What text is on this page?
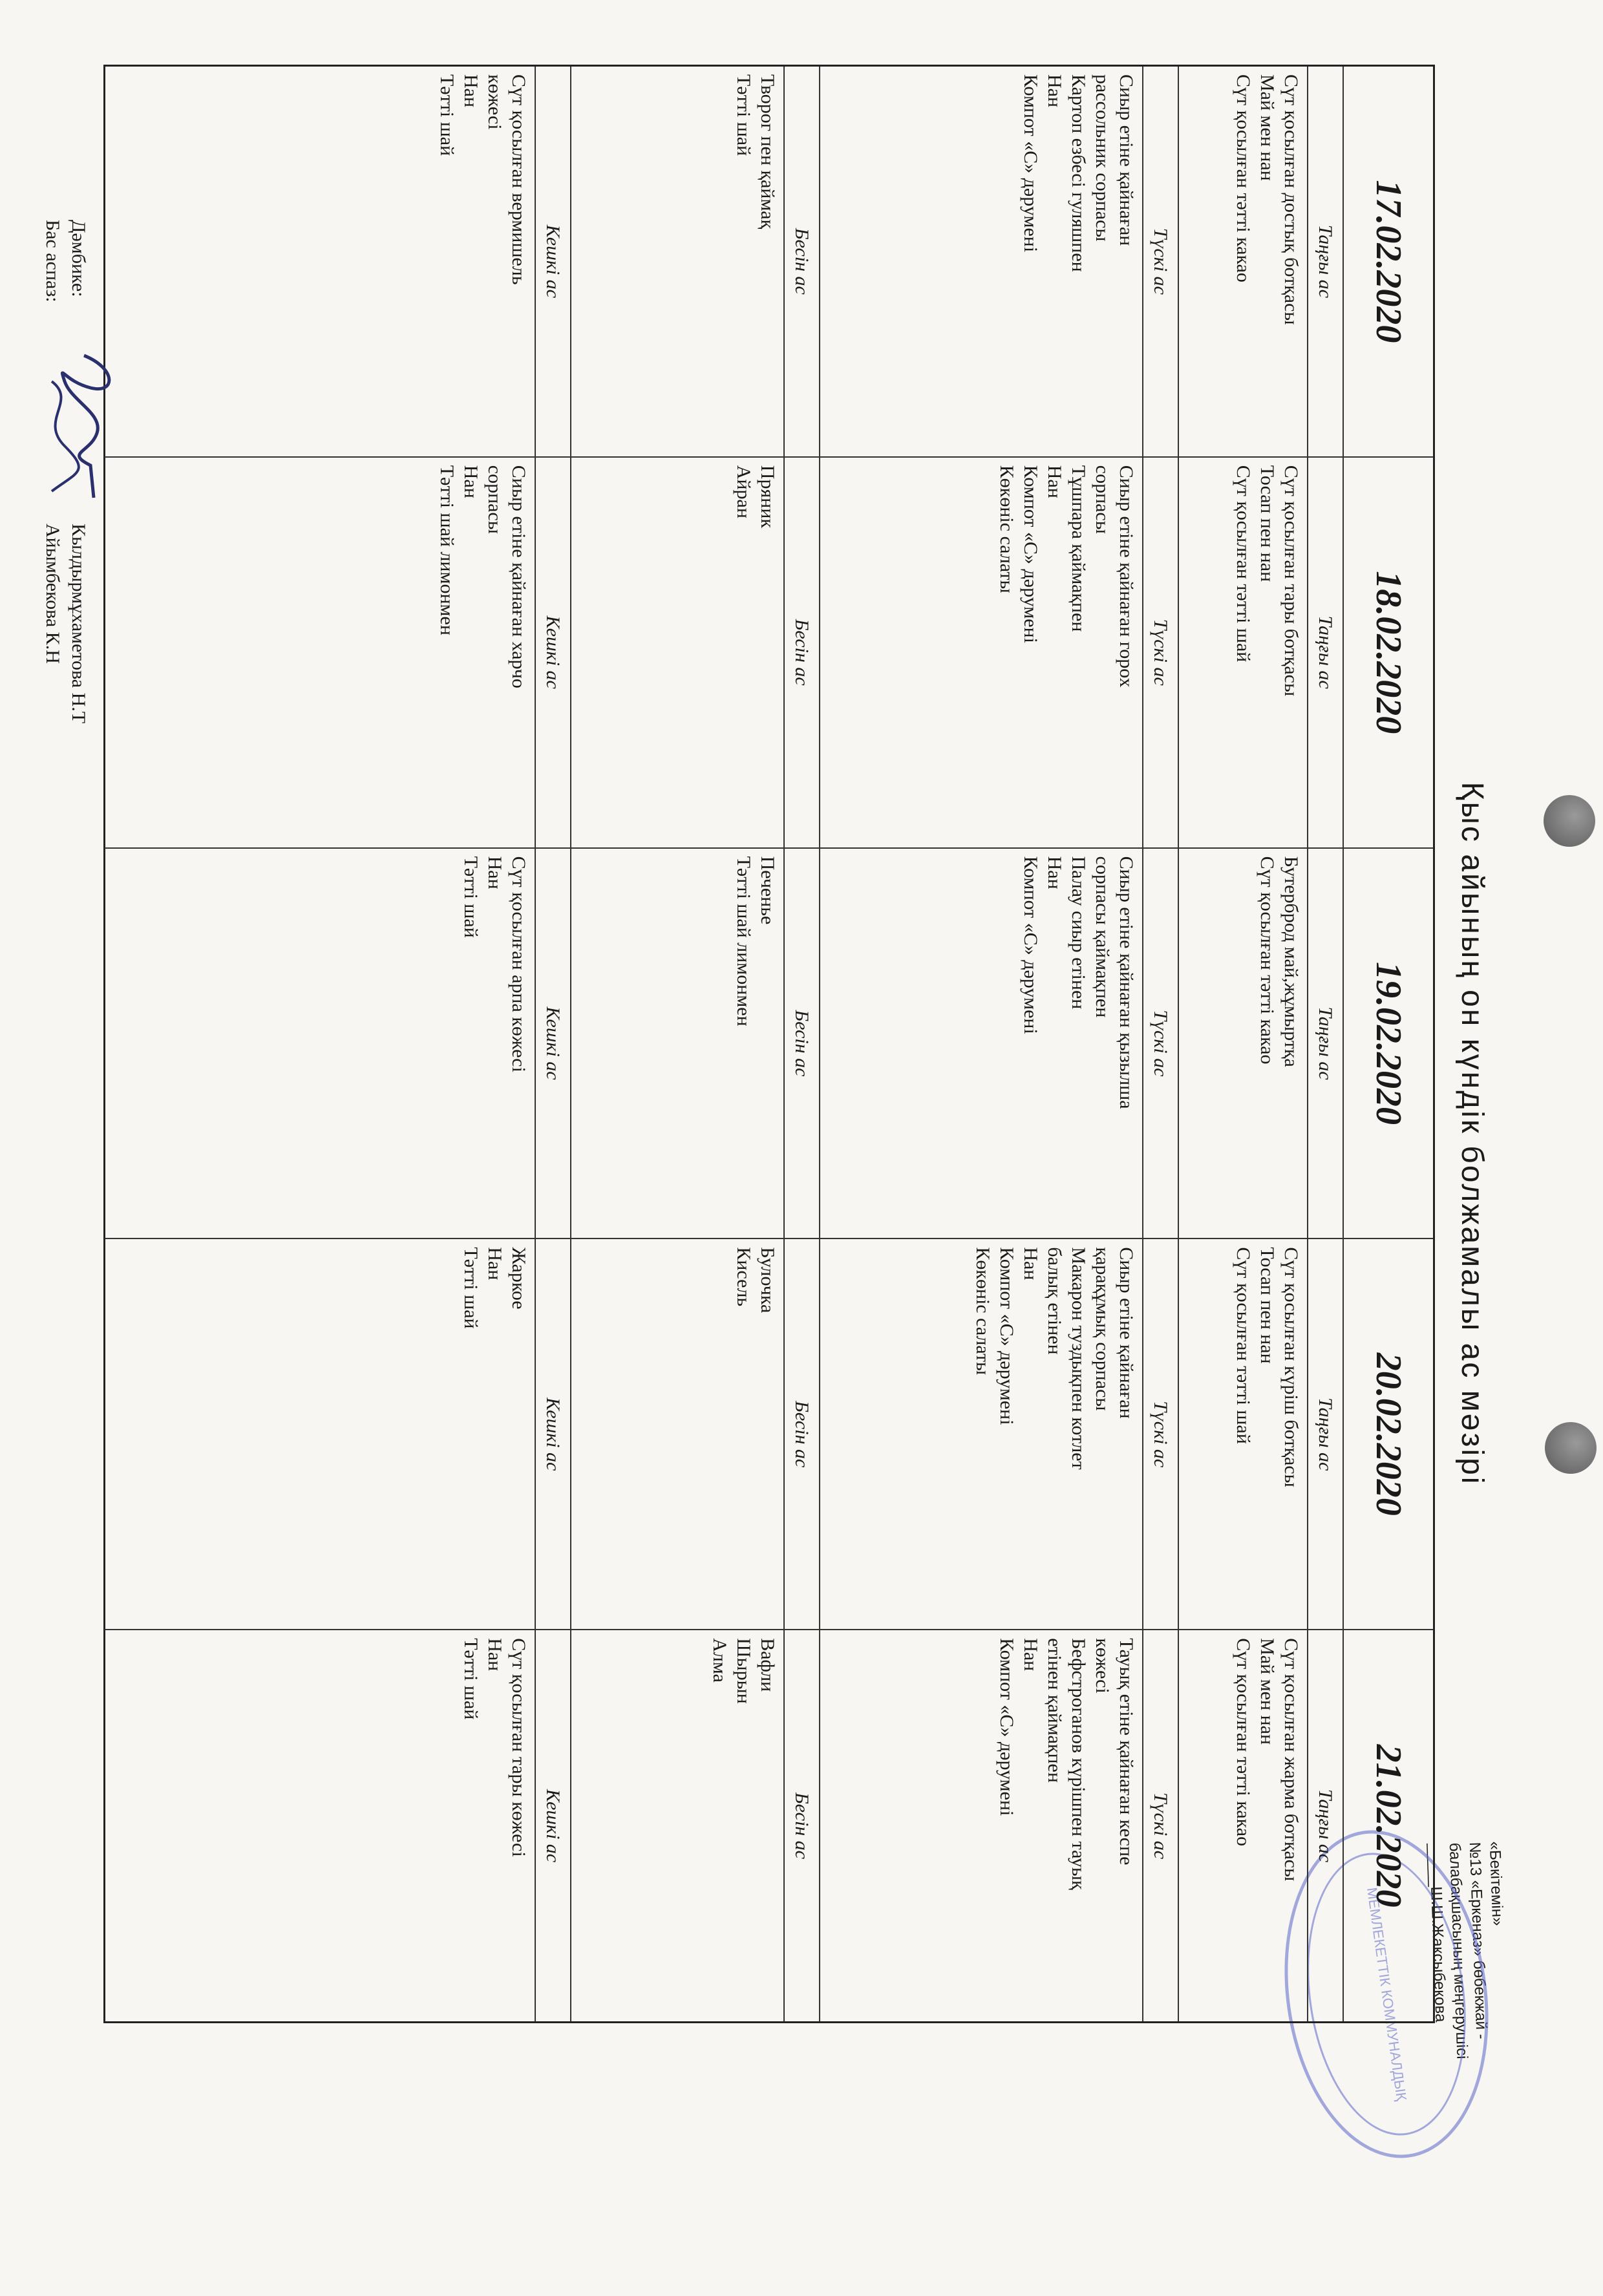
«Бекітемін»
№13 «Еркеназ» бөбекжай -
балабақшасының меңгерушісі
_____Ш.Ш.Жаксыбекова
Қыс айының он күндік болжамалы ас мәзірі
МЕМЛЕКЕТТІК КОММУНАЛДЫҚ
17.02.2020
18.02.2020
19.02.2020
20.02.2020
21.02.2020
Таңғы ас
Таңғы ас
Таңғы ас
Таңғы ас
Таңғы ас
Сүт қосылған достық ботқасы
Май мен нан
Сүт қосылған тәтті какао
Сүт қосылған тары ботқасы
Тосап пен нан
Сүт қосылған тәтті шай
Бутерброд май,жұмыртқа
Сүт қосылған тәтті какао
Сүт қосылған күріш ботқасы
Тосап пен нан
Сүт қосылған тәтті шай
Сүт қосылған жарма ботқасы
Май мен нан
Сүт қосылған тәтті какао
Түскі ас
Түскі ас
Түскі ас
Түскі ас
Түскі ас
Сиыр етіне қайнаған
рассольник сорпасы
Картоп езбесі гуляшпен
Нан
Компот «С» дәрумені
Сиыр етіне қайнаған горох
сорпасы
Тұшпара қаймақпен
Нан
Компот «С» дәрумені
Көкөніс салаты
Сиыр етіне қайнаған қызылша
сорпасы қаймақпен
Палау сиыр етінен
Нан
Компот «С» дәрумені
Сиыр етіне қайнаған
қарақұмық сорпасы
Макарон туздықпен котлет
балық етінен
Нан
Компот «С» дәрумені
Көкөніс салаты
Тауық етіне қайнаған кеспе
көжесі
Бефстроганов күрішпен тауық
етінен қаймақпен
Нан
Компот «С» дәрумені
Бесін ас
Бесін ас
Бесін ас
Бесін ас
Бесін ас
Творог пен қаймақ
Тәтті шай
Пряник
Айран
Печенье
Тәтті шай лимонмен
Булочка
Кисель
Вафли
Шырын
Алма
Кешкі ас
Кешкі ас
Кешкі ас
Кешкі ас
Кешкі ас
Сүт қосылған вермишель
көжесі
Нан
Тәтті шай
Сиыр етіне қайнаған харчо
сорпасы
Нан
Тәтті шай лимонмен
Сүт қосылған арпа көжесі
Нан
Тәтті шай
Жаркое
Нан
Тәтті шай
Сүт қосылған тары көжесі
Нан
Тәтті шай
Дәмбике:
Кылдырмұхаметова Н.Т
Бас аспаз:
Айымбекова К.Н
